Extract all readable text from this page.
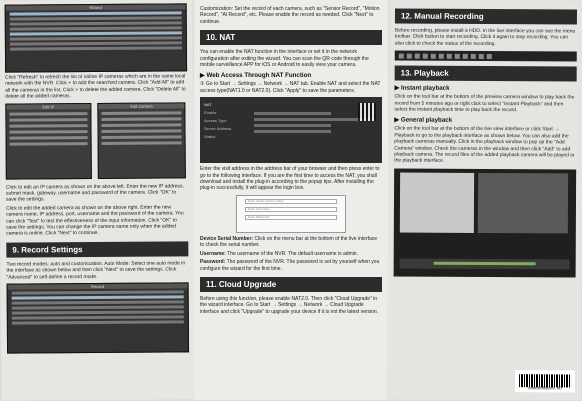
Wizard

Click "Refresh" to refresh the list of online IP cameras which are in the same local network with the NVR. Click + to add the searched camera. Click "Add All" to add all the cameras in the list. Click × to delete the added camera. Click "Delete All" to delete all the added cameras.

Edit IP	Add Camera

Click to edit an IP camera as shown on the above left. Enter the new IP address, subnet mask, gateway, username and password of the camera. Click "OK" to save the settings.

Click to edit the added camera as shown on the above right. Enter the new camera name, IP address, port, username and the password of the camera. You can click "Test" to test the effectiveness of the input information. Click "OK" to save the settings. You can change the IP camera name only when the added camera is online. Click "Next" to continue.

9. Record Settings

Two record modes: auto and customization. Auto Mode: Select one auto mode in the interface as shown below and then click "Next" to save the settings. Click "Advanced" to self-define a record mode.

Record

Customization: Set the record of each camera, such as "Sensor Record", "Motion Record", "AI Record", etc. Please enable the record as needed. Click "Next" to continue.

10. NAT

You can enable the NAT function in the interface or set it in the network configuration after exiting the wizard. You can scan the QR code through the mobile surveillance APP for iOS or Android to easily view your camera.

▶ Web Access Through NAT Function

① Go to Start → Settings → Network → NAT tab. Enable NAT and select the NAT access type(NAT1.0 or NAT2.0). Click "Apply" to save the parameters.

NAT
Enable
Access Type
Server Address
Status

Enter the visit address in the address bar of your browser and then press enter to go to the following interface. If you are the first time to access the NAT, you shall download and install the plug-in according to the popup tips. After installing the plug-in successfully, it will appear the login box.

Enter device serial number
Enter Username
Enter Password

Device Serial Number: Click on the menu bar at the bottom of the live interface to check the serial number.

Username: The username of the NVR. The default username is admin.

Password: The password of the NVR. The password is set by yourself when you configure the wizard for the first time.

11. Cloud Upgrade

Before using this function, please enable NAT2.0. Then click "Cloud Upgrade" in the wizard interface. Go to Start → Settings → Network → Cloud Upgrade interface and click "Upgrade" to upgrade your device if it is not the latest version.

12. Manual Recording

Before recording, please install a HDD. In the live interface you can see the menu toolbar. Click button to start recording. Click it again to stop recording. You can also click to check the status of the recording.

13. Playback
▶ Instant playback

Click on the tool bar at the bottom of the preview camera window to play back the record from 5 minutes ago or right click to select "Instant Playback" and then select the instant playback time to play back the record.

▶ General playback

Click on the tool bar at the bottom of the live view interface or click Start → Playback to go to the playback interface as shown below. You can also add the playback cameras manually. Click in the playback window to pop up the "Add Camera" window. Check the cameras in the window and then click "Add" to add playback camera. The record files of the added playback camera will be played in the playback interface.

8900X0000X8.AD
